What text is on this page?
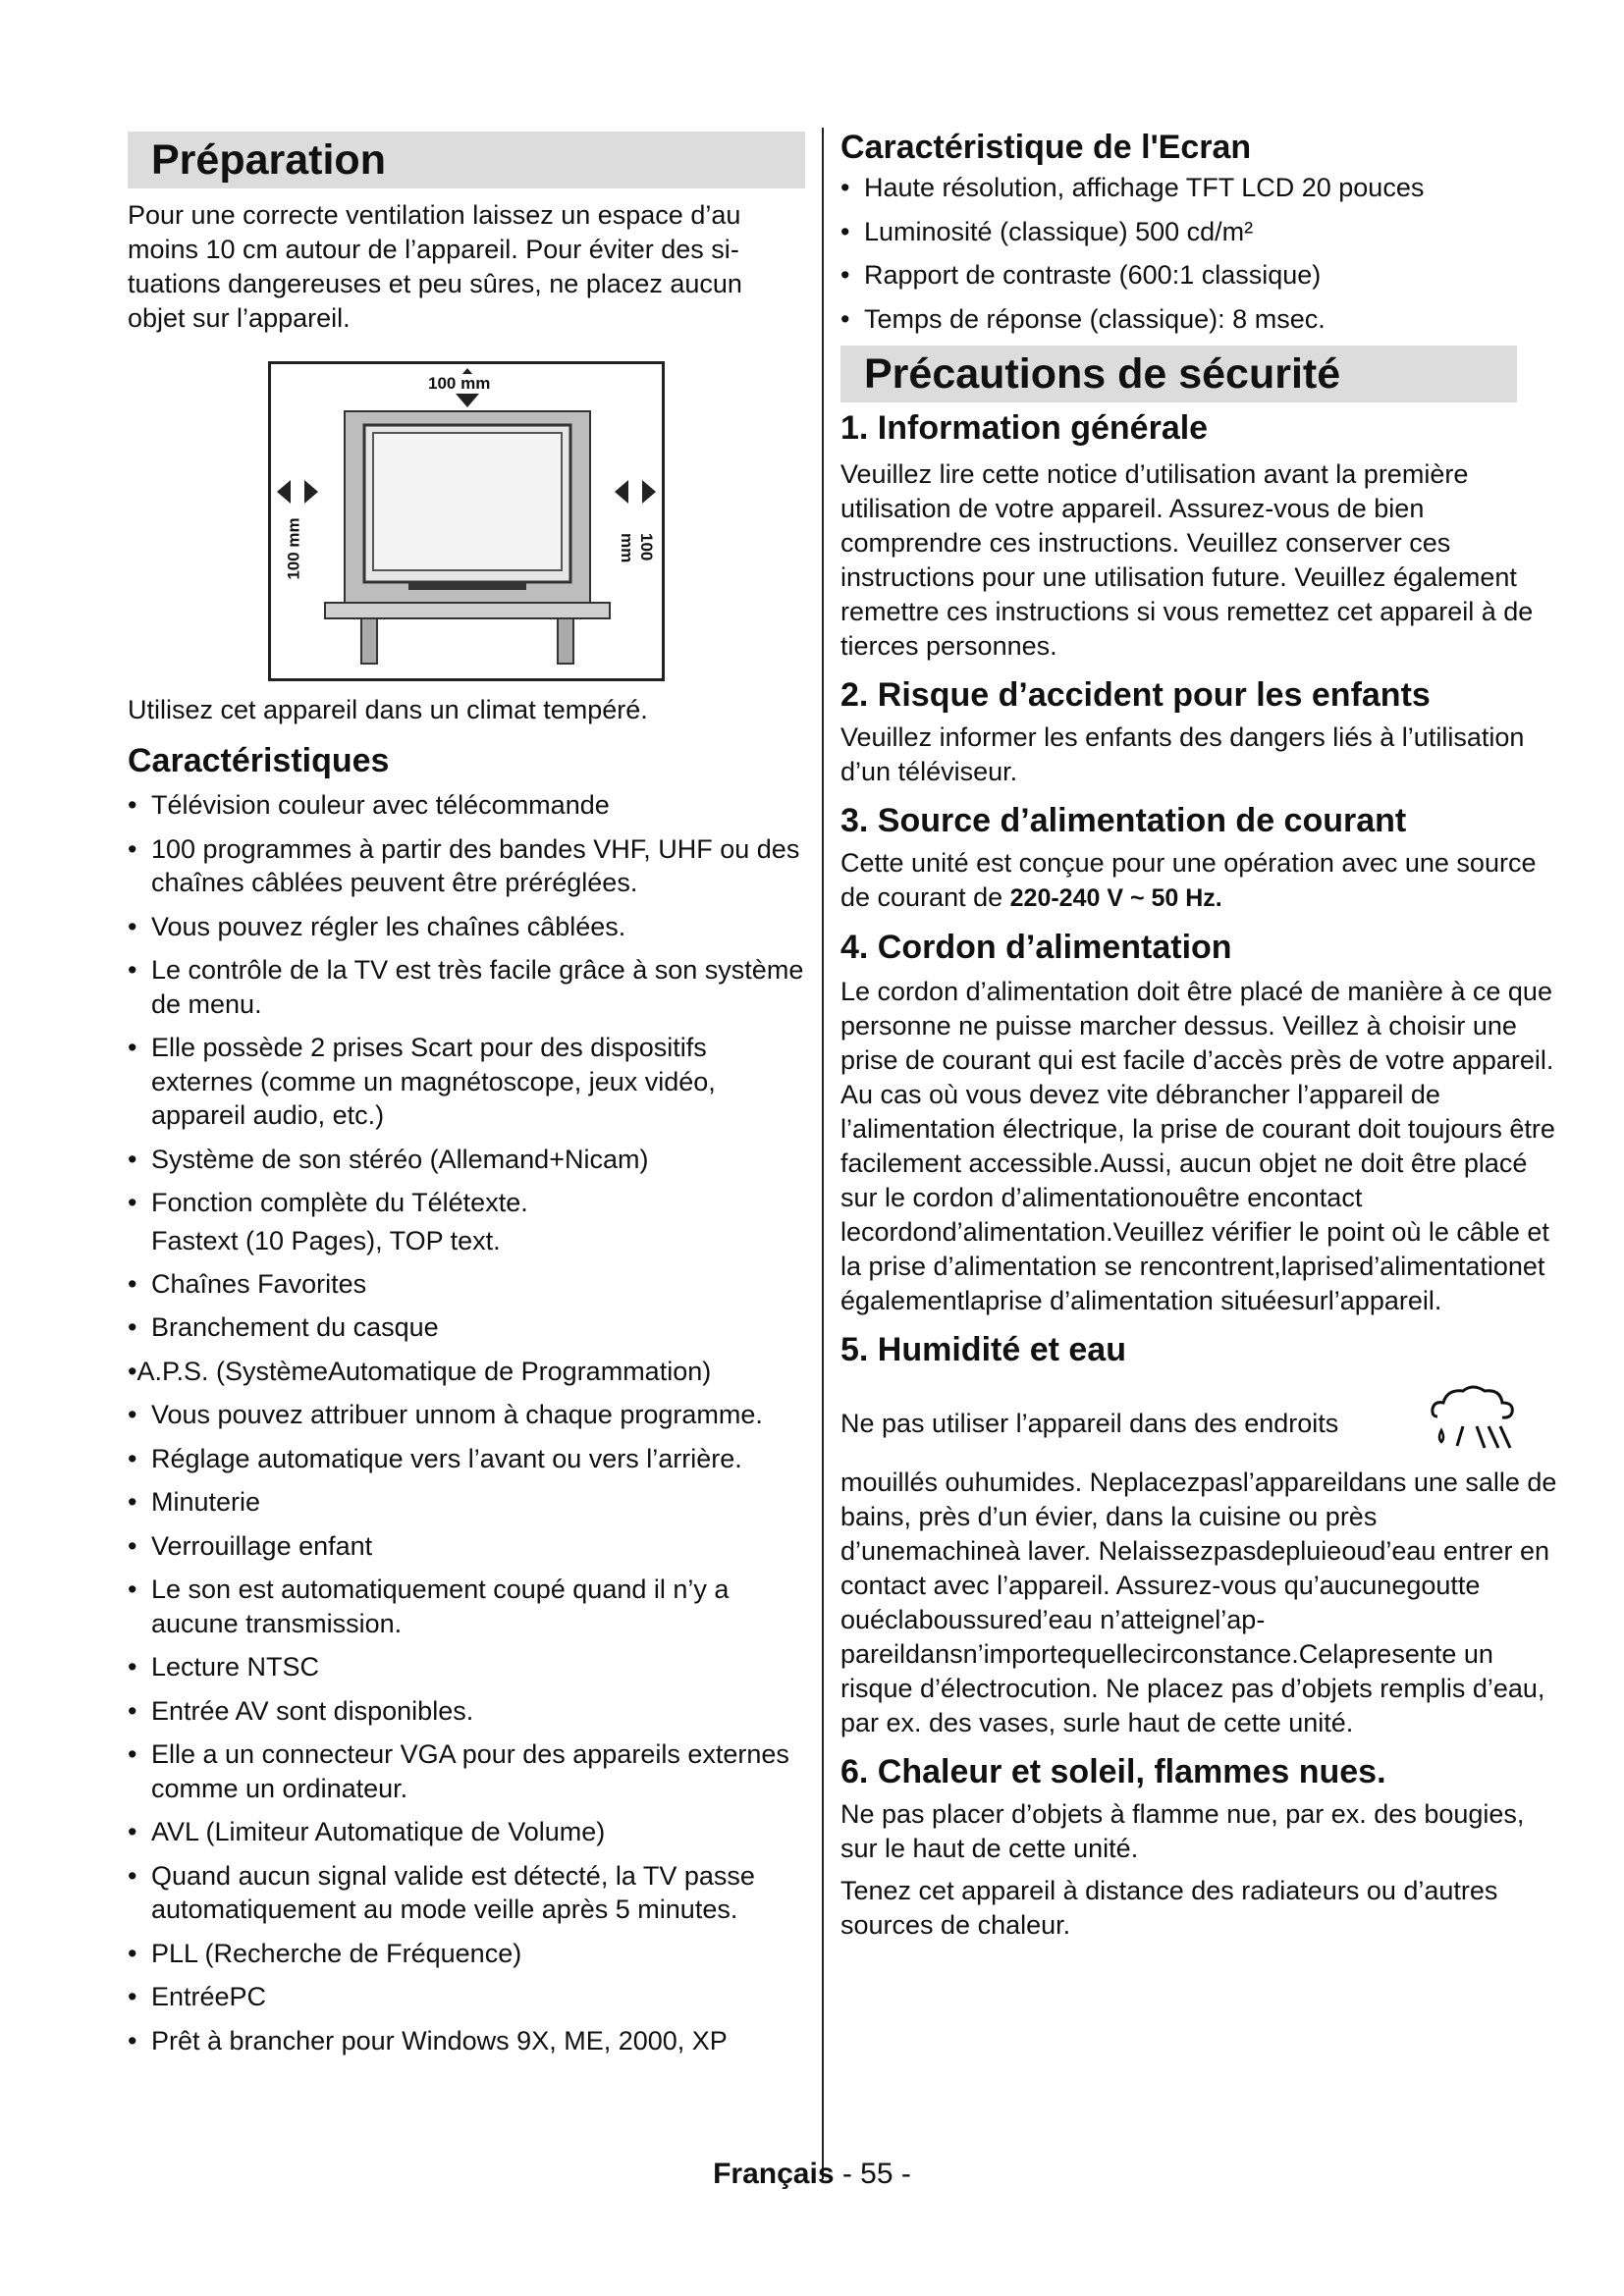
Préparation

Pour une correcte ventilation laissez un espace d’au moins 10 cm autour de l’appareil. Pour éviter des situations dangereuses et peu sûres, ne placez aucun objet sur l’appareil.

100 mm
100 mm	100 mm

Utilisez cet appareil dans un climat tempéré.

Caractéristiques
• Télévision couleur avec télécommande
• 100 programmes à partir des bandes VHF, UHF ou des chaînes câblées peuvent être préréglées.
• Vous pouvez régler les chaînes câblées.
• Le contrôle de la TV est très facile grâce à son système de menu.
• Elle possède 2 prises Scart pour des dispositifs externes (comme un magnétoscope, jeux vidéo, appareil audio, etc.)
• Système de son stéréo (Allemand+Nicam)
• Fonction complète du Télétexte.
Fastext (10 Pages), TOP text.
• Chaînes Favorites
• Branchement du casque
•A.P.S. (SystèmeAutomatique de Programmation)
• Vous pouvez attribuer unnom à chaque programme.
• Réglage automatique vers l’avant ou vers l’arrière.
• Minuterie
• Verrouillage enfant
• Le son est automatiquement coupé quand il n’y a aucune transmission.
• Lecture NTSC
• Entrée AV sont disponibles.
• Elle a un connecteur VGA pour des appareils externes comme un ordinateur.
• AVL (Limiteur Automatique de Volume)
• Quand aucun signal valide est détecté, la TV passe automatiquement au mode veille après 5 minutes.
• PLL (Recherche de Fréquence)
• EntréePC
• Prêt à brancher pour Windows 9X, ME, 2000, XP
Caractéristique de l'Ecran
• Haute résolution, affichage TFT LCD 20 pouces
• Luminosité (classique) 500 cd/m²
• Rapport de contraste (600:1 classique)
• Temps de réponse (classique): 8 msec.
Précautions de sécurité
1. Information générale

Veuillez lire cette notice d’utilisation avant la première utilisation de votre appareil. Assurez-vous de bien comprendre ces instructions. Veuillez conserver ces instructions pour une utilisation future. Veuillez également remettre ces instructions si vous remettez cet appareil à de tierces personnes.

2. Risque d’accident pour les enfants

Veuillez informer les enfants des dangers liés à l’utilisation d’un téléviseur.

3. Source d’alimentation de courant

Cette unité est conçue pour une opération avec une source de courant de 220-240 V ~ 50 Hz.

4. Cordon d’alimentation

Le cordon d’alimentation doit être placé de manière à ce que personne ne puisse marcher dessus. Veillez à choisir une prise de courant qui est facile d’accès près de votre appareil. Au cas où vous devez vite débrancher l’appareil de l’alimentation électrique, la prise de courant doit toujours être facilement accessible.Aussi, aucun objet ne doit être placé sur le cordon d’alimentationouêtre encontact lecordond’alimentation.Veuillez vérifier le point où le câble et la prise d’alimentation se rencontrent,laprised’alimentationet égalementlaprise d’alimentation situéesurl’appareil.

5. Humidité et eau

Ne pas utiliser l’appareil dans des endroits

mouillés ouhumides. Neplacezpasl’appareildans une salle de bains, près d’un évier, dans la cuisine ou près d’unemachineà laver. Nelaissezpasdepluieoud’eau entrer en contact avec l’appareil. Assurez-vous qu’aucunegoutte ouéclaboussured’eau n’atteignel’appareildansn’importequellecirconstance.Celapresente un risque d’électrocution. Ne placez pas d’objets remplis d’eau, par ex. des vases, surle haut de cette unité.

6. Chaleur et soleil, flammes nues.

Ne pas placer d’objets à flamme nue, par ex. des bougies, sur le haut de cette unité.

Tenez cet appareil à distance des radiateurs ou d’autres sources de chaleur.

Français - 55 -
